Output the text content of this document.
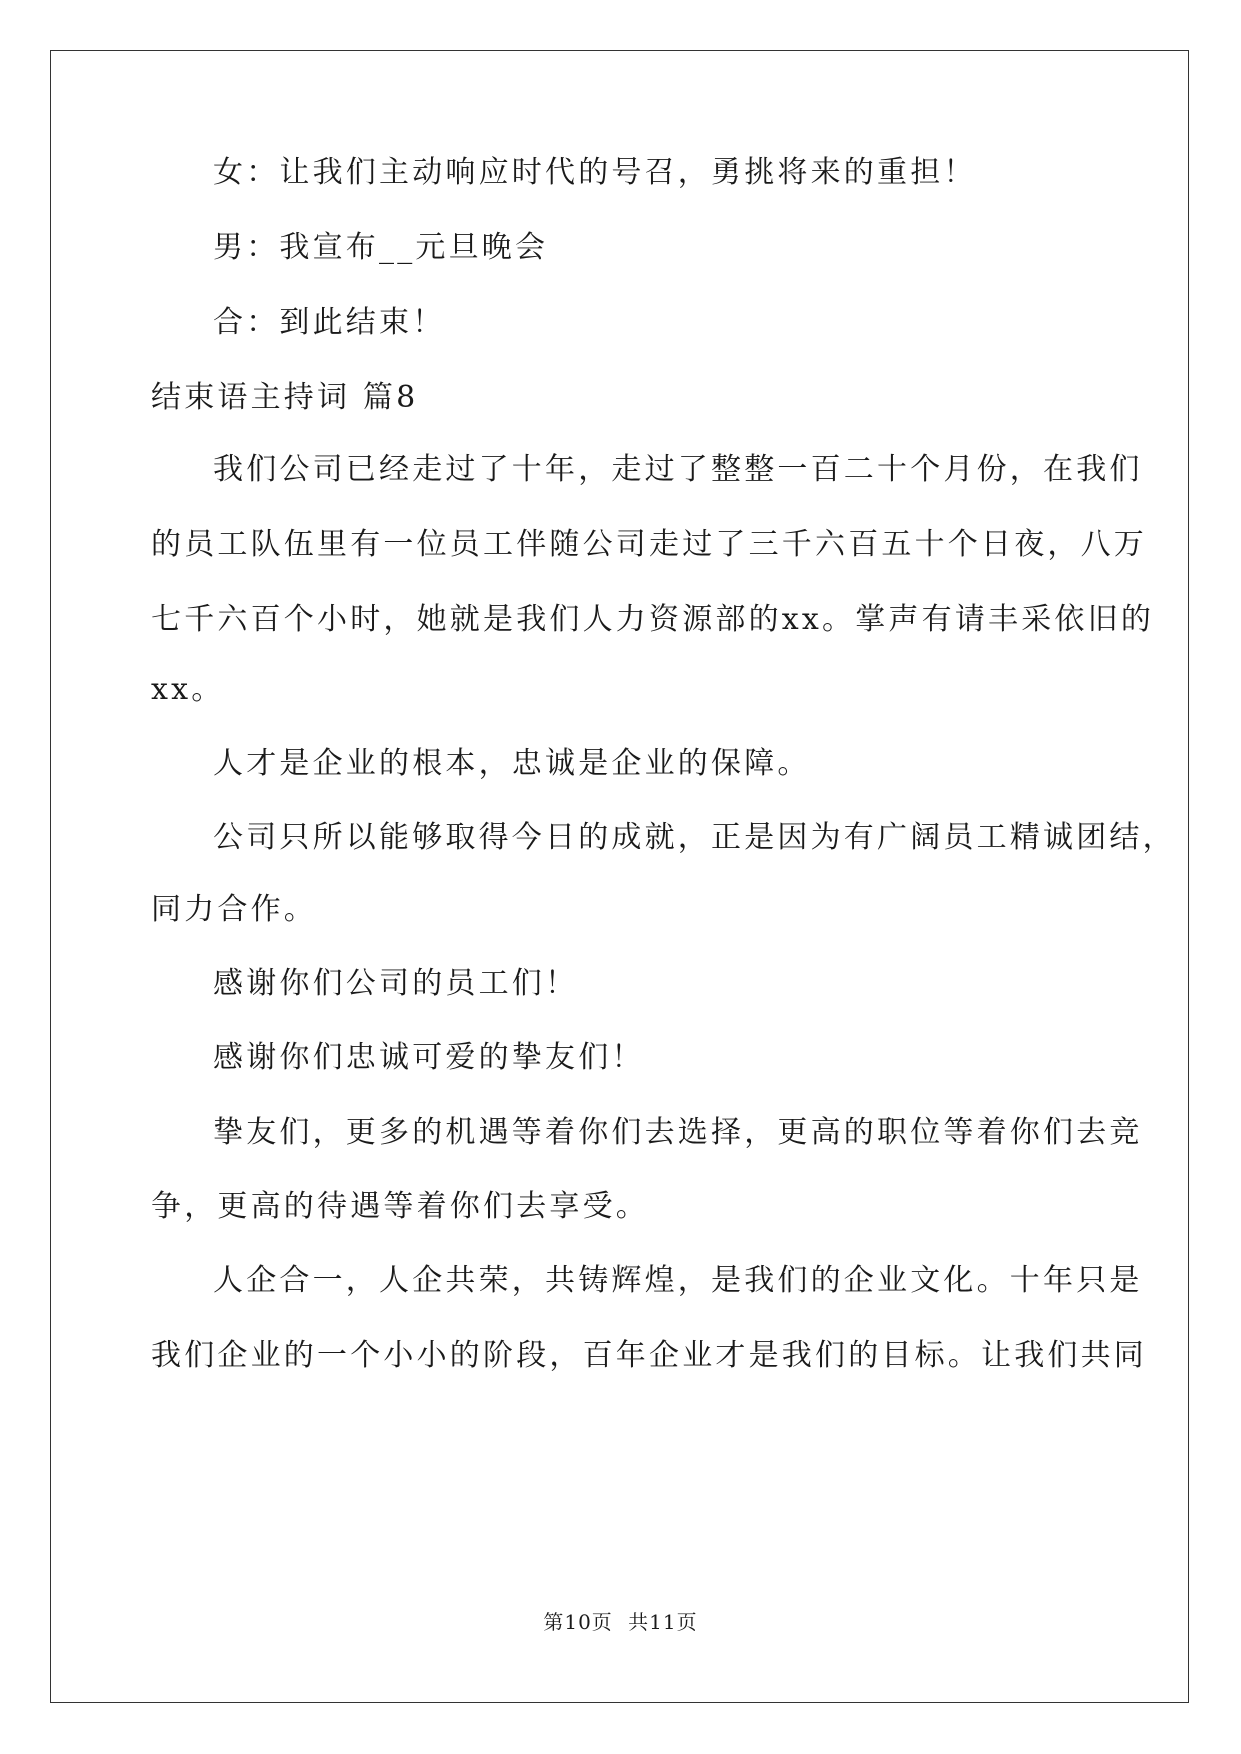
女：让我们主动响应时代的号召，勇挑将来的重担！
男：我宣布__元旦晚会
合：到此结束！
结束语主持词 篇8
我们公司已经走过了十年，走过了整整一百二十个月份，在我们
的员工队伍里有一位员工伴随公司走过了三千六百五十个日夜，八万
七千六百个小时，她就是我们人力资源部的xx。掌声有请丰采依旧的
xx。
人才是企业的根本，忠诚是企业的保障。
公司只所以能够取得今日的成就，正是因为有广阔员工精诚团结，
同力合作。
感谢你们公司的员工们！
感谢你们忠诚可爱的挚友们！
挚友们，更多的机遇等着你们去选择，更高的职位等着你们去竞
争，更高的待遇等着你们去享受。
人企合一，人企共荣，共铸辉煌，是我们的企业文化。十年只是
我们企业的一个小小的阶段，百年企业才是我们的目标。让我们共同
第10页 共11页
